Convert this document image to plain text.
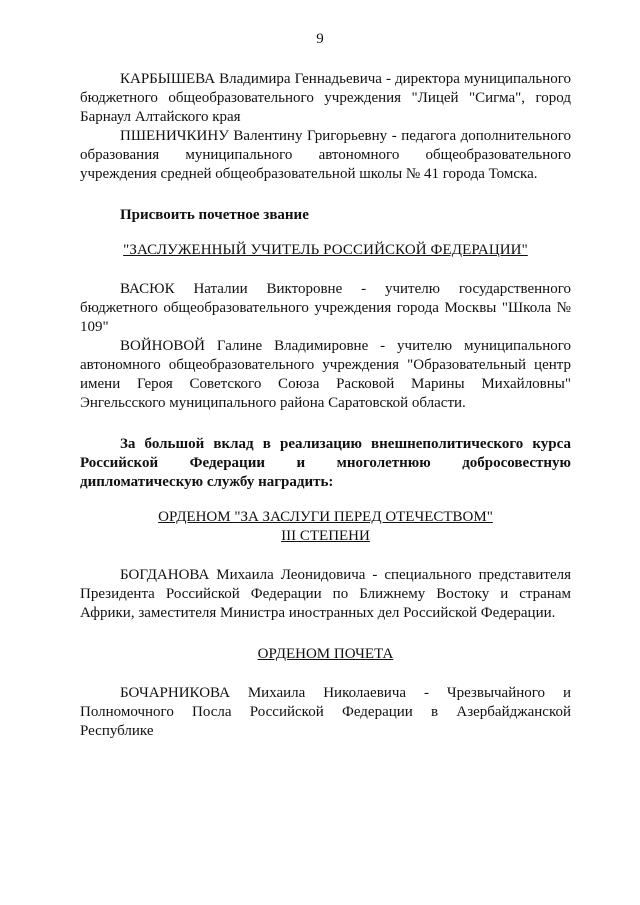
9

КАРБЫШЕВА Владимира Геннадьевича - директора муниципального бюджетного общеобразовательного учреждения "Лицей "Сигма", город Барнаул Алтайского края

ПШЕНИЧКИНУ Валентину Григорьевну - педагога дополнительного образования муниципального автономного общеобразовательного учреждения средней общеобразовательной школы № 41 города Томска.

Присвоить почетное звание

"ЗАСЛУЖЕННЫЙ УЧИТЕЛЬ РОССИЙСКОЙ ФЕДЕРАЦИИ"

ВАСЮК Наталии Викторовне - учителю государственного бюджетного общеобразовательного учреждения города Москвы "Школа № 109"

ВОЙНОВОЙ Галине Владимировне - учителю муниципального автономного общеобразовательного учреждения "Образовательный центр имени Героя Советского Союза Расковой Марины Михайловны" Энгельсского муниципального района Саратовской области.

За большой вклад в реализацию внешнеполитического курса Российской Федерации и многолетнюю добросовестную дипломатическую службу наградить:

ОРДЕНОМ "ЗА ЗАСЛУГИ ПЕРЕД ОТЕЧЕСТВОМ"
III СТЕПЕНИ

БОГДАНОВА Михаила Леонидовича - специального представителя Президента Российской Федерации по Ближнему Востоку и странам Африки, заместителя Министра иностранных дел Российской Федерации.

ОРДЕНОМ ПОЧЕТА

БОЧАРНИКОВА Михаила Николаевича - Чрезвычайного и Полномочного Посла Российской Федерации в Азербайджанской Республике
